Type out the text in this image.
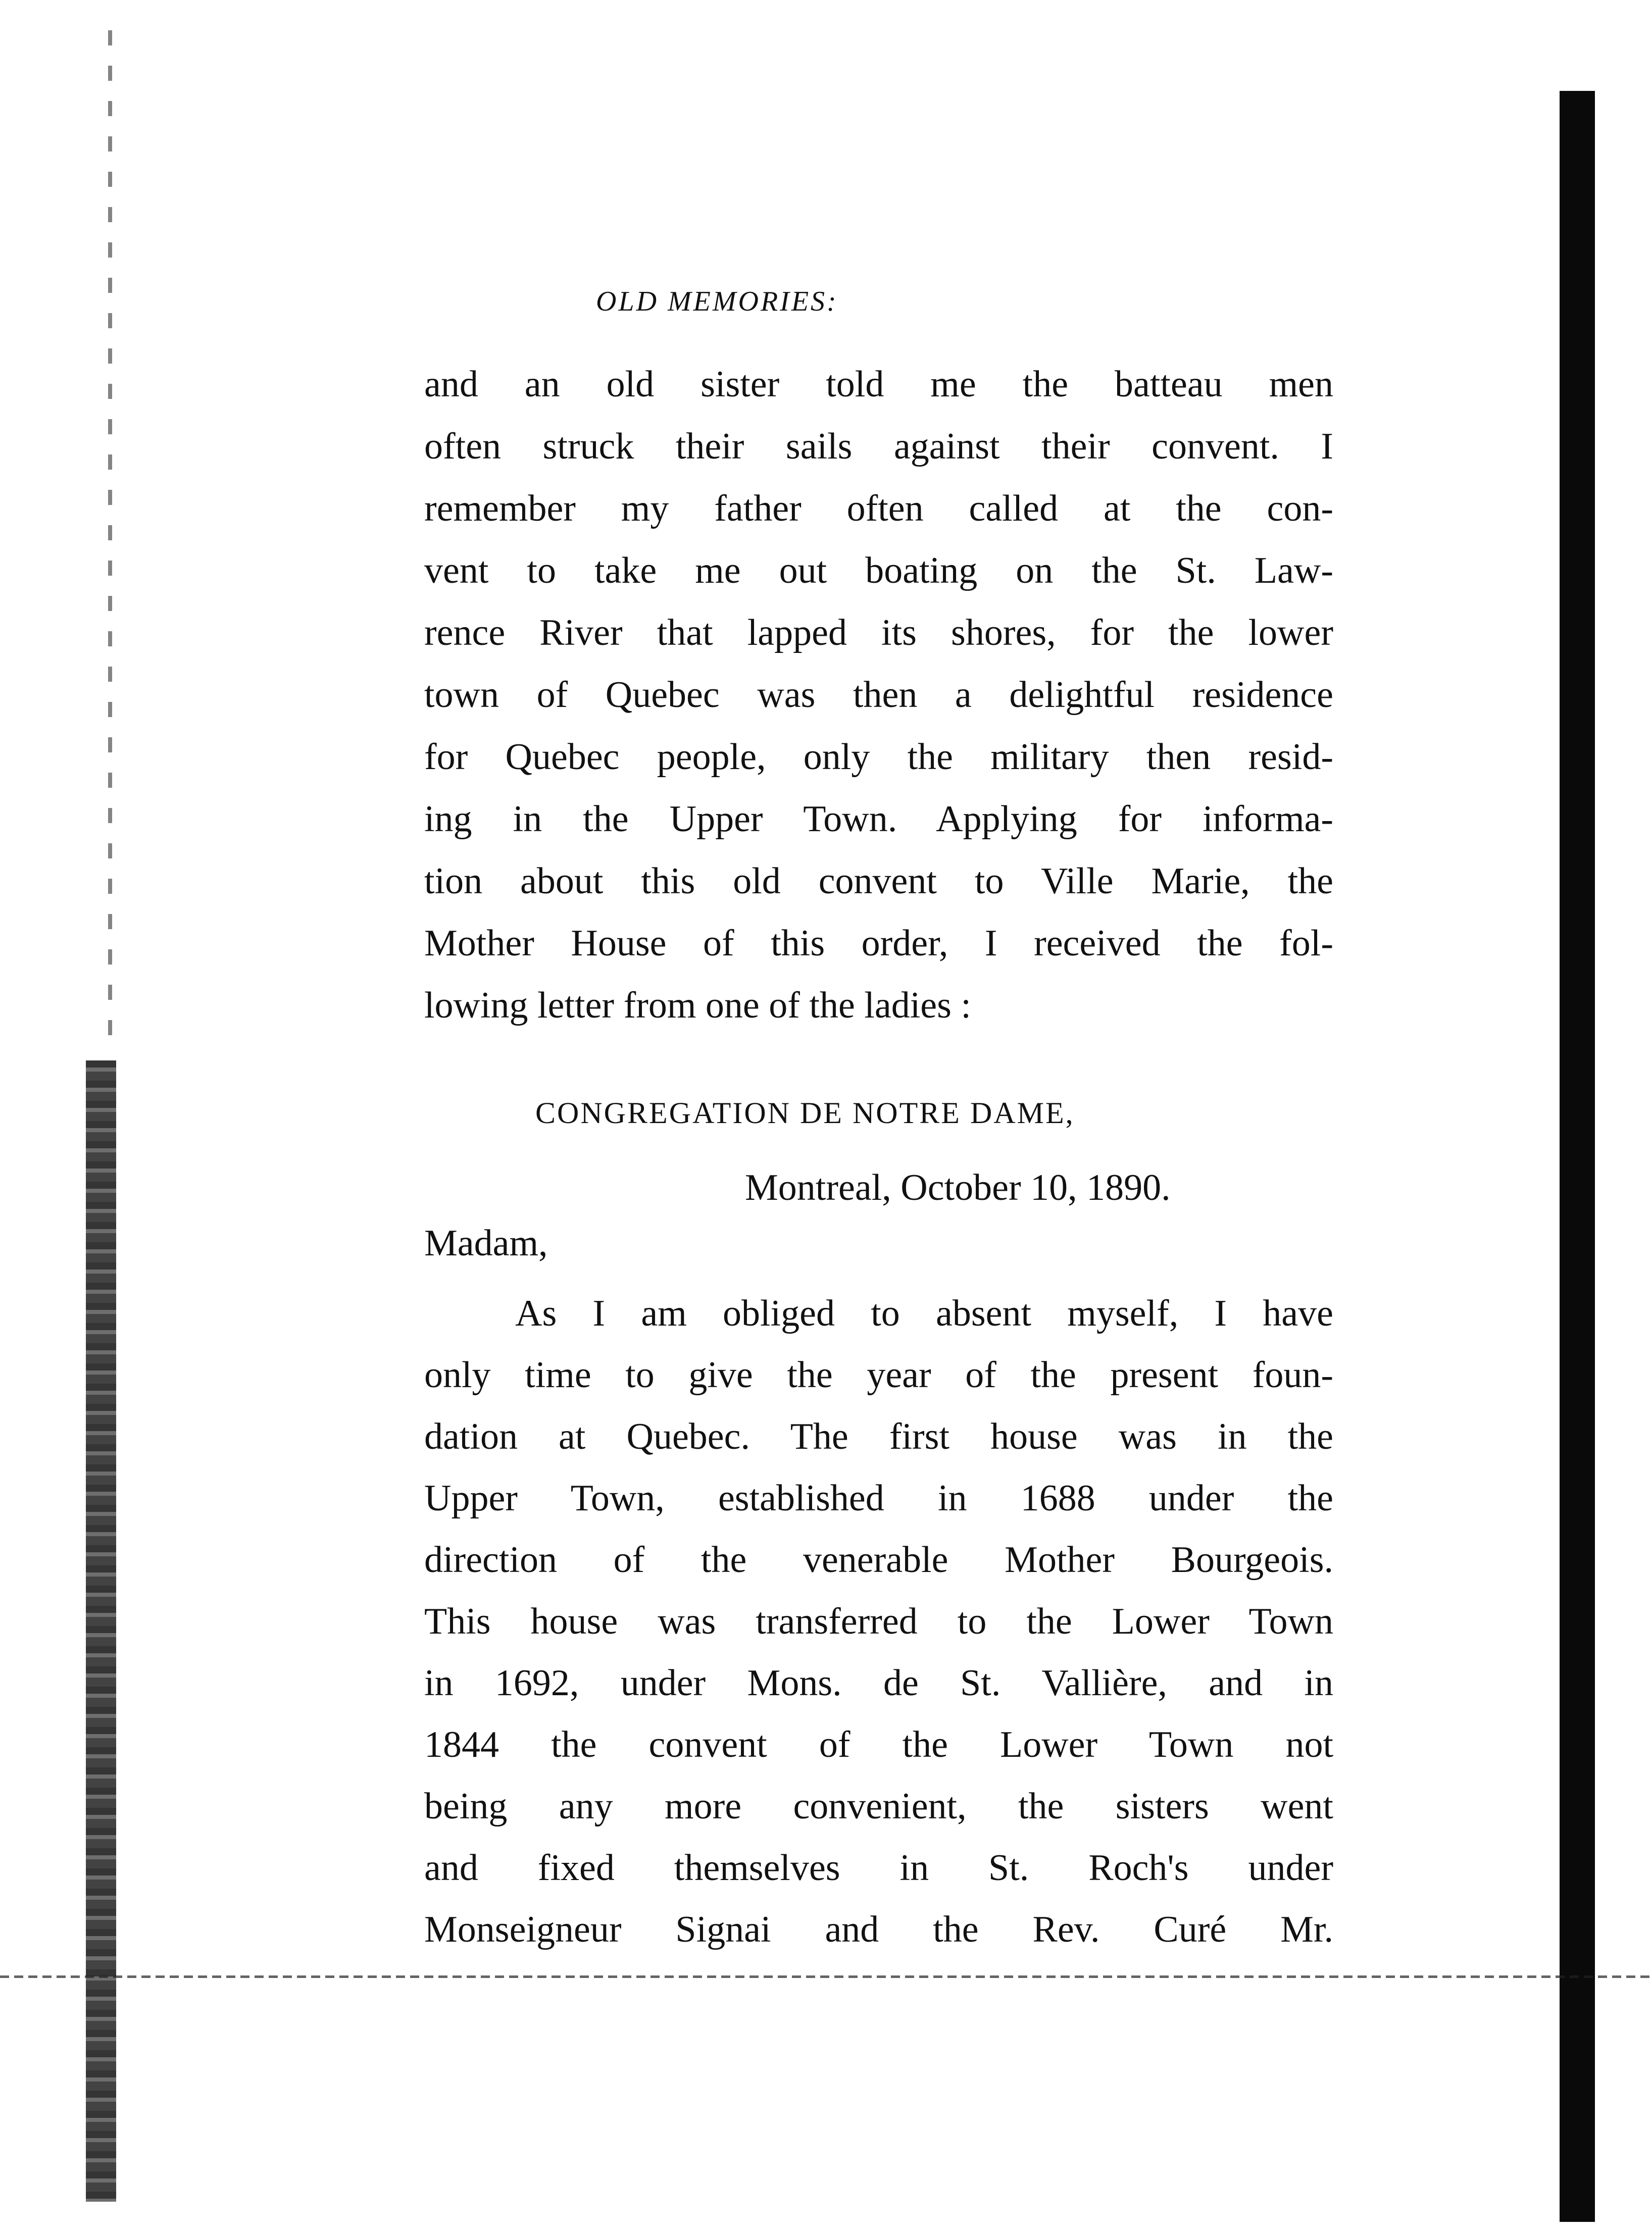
OLD MEMORIES:
and an old sister told me the batteau men
often struck their sails against their convent. I
remember my father often called at the con-
vent to take me out boating on the St. Law-
rence River that lapped its shores, for the lower
town of Quebec was then a delightful residence
for Quebec people, only the military then resid-
ing in the Upper Town. Applying for informa-
tion about this old convent to Ville Marie, the
Mother House of this order, I received the fol-
lowing letter from one of the ladies :
CONGREGATION DE NOTRE DAME,
Montreal, October 10, 1890.
Madam,
As I am obliged to absent myself, I have
only time to give the year of the present foun-
dation at Quebec. The first house was in the
Upper Town, established in 1688 under the
direction of the venerable Mother Bourgeois.
This house was transferred to the Lower Town
in 1692, under Mons. de St. Vallière, and in
1844 the convent of the Lower Town not
being any more convenient, the sisters went
and fixed themselves in St. Roch's under
Monseigneur Signai and the Rev. Curé Mr.
